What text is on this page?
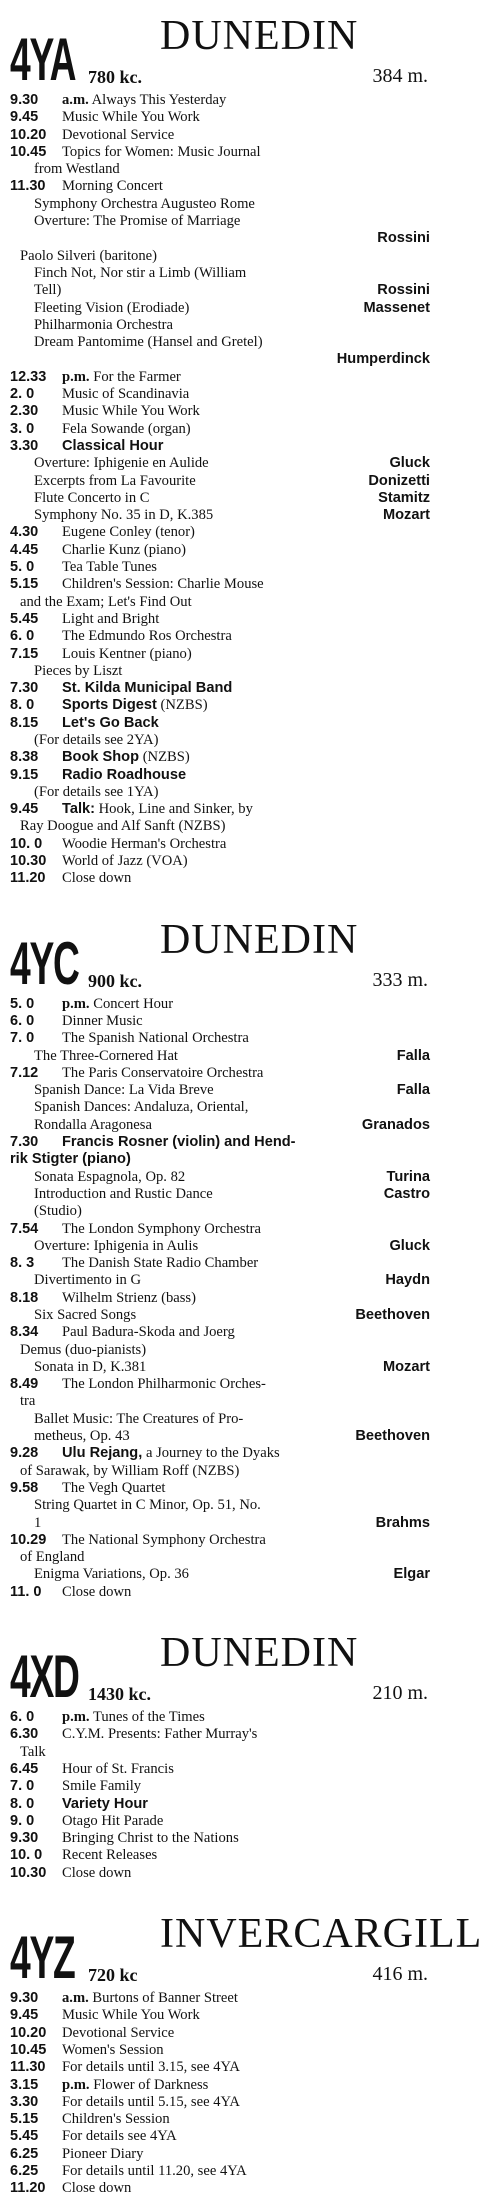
4YA 780 kc.
DUNEDIN
384 m.
9.30	a.m. Always This Yesterday
9.45	Music While You Work
10.20	Devotional Service
10.45	Topics for Women: Music Journal
from Westland
11.30	Morning Concert
Symphony Orchestra Augusteo Rome
Overture: The Promise of Marriage
Rossini
Paolo Silveri (baritone)
Finch Not, Nor stir a Limb (William
Tell)	Rossini
Fleeting Vision (Erodiade)	Massenet
Philharmonia Orchestra
Dream Pantomime (Hansel and Gretel)
Humperdinck
12.33	p.m. For the Farmer
2. 0	Music of Scandinavia
2.30	Music While You Work
3. 0	Fela Sowande (organ)
3.30	Classical Hour
Overture: Iphigenie en Aulide	Gluck
Excerpts from La Favourite	Donizetti
Flute Concerto in C	Stamitz
Symphony No. 35 in D, K.385	Mozart
4.30	Eugene Conley (tenor)
4.45	Charlie Kunz (piano)
5. 0	Tea Table Tunes
5.15	Children's Session: Charlie Mouse
and the Exam; Let's Find Out
5.45	Light and Bright
6. 0	The Edmundo Ros Orchestra
7.15	Louis Kentner (piano)
Pieces by Liszt
7.30	St. Kilda Municipal Band
8. 0	Sports Digest (NZBS)
8.15	Let's Go Back
(For details see 2YA)
8.38	Book Shop (NZBS)
9.15	Radio Roadhouse
(For details see 1YA)
9.45	Talk: Hook, Line and Sinker, by
Ray Doogue and Alf Sanft (NZBS)
10. 0	Woodie Herman's Orchestra
10.30	World of Jazz (VOA)
11.20	Close down
4YC 900 kc.
DUNEDIN
333 m.
5. 0	p.m. Concert Hour
6. 0	Dinner Music
7. 0	The Spanish National Orchestra
The Three-Cornered Hat	Falla
7.12	The Paris Conservatoire Orchestra
Spanish Dance: La Vida Breve	Falla
Spanish Dances: Andaluza, Oriental,
Rondalla Aragonesa	Granados
7.30	Francis Rosner (violin) and Hend-
rik Stigter (piano)
Sonata Espagnola, Op. 82	Turina
Introduction and Rustic Dance	Castro
(Studio)
7.54	The London Symphony Orchestra
Overture: Iphigenia in Aulis	Gluck
8. 3	The Danish State Radio Chamber
Divertimento in G	Haydn
8.18	Wilhelm Strienz (bass)
Six Sacred Songs	Beethoven
8.34	Paul Badura-Skoda and Joerg
Demus (duo-pianists)
Sonata in D, K.381	Mozart
8.49	The London Philharmonic Orches-
tra
Ballet Music: The Creatures of Pro-
metheus, Op. 43	Beethoven
9.28	Ulu Rejang, a Journey to the Dyaks
of Sarawak, by William Roff (NZBS)
9.58	The Vegh Quartet
String Quartet in C Minor, Op. 51, No.
1	Brahms
10.29	The National Symphony Orchestra
of England
Enigma Variations, Op. 36	Elgar
11. 0	Close down
4XD 1430 kc.
DUNEDIN
210 m.
6. 0	p.m. Tunes of the Times
6.30	C.Y.M. Presents: Father Murray's
Talk
6.45	Hour of St. Francis
7. 0	Smile Family
8. 0	Variety Hour
9. 0	Otago Hit Parade
9.30	Bringing Christ to the Nations
10. 0	Recent Releases
10.30	Close down
4YZ 720 kc
INVERCARGILL
416 m.
9.30	a.m. Burtons of Banner Street
9.45	Music While You Work
10.20	Devotional Service
10.45	Women's Session
11.30	For details until 3.15, see 4YA
3.15	p.m. Flower of Darkness
3.30	For details until 5.15, see 4YA
5.15	Children's Session
5.45	For details see 4YA
6.25	Pioneer Diary
6.25	For details until 11.20, see 4YA
11.20	Close down
